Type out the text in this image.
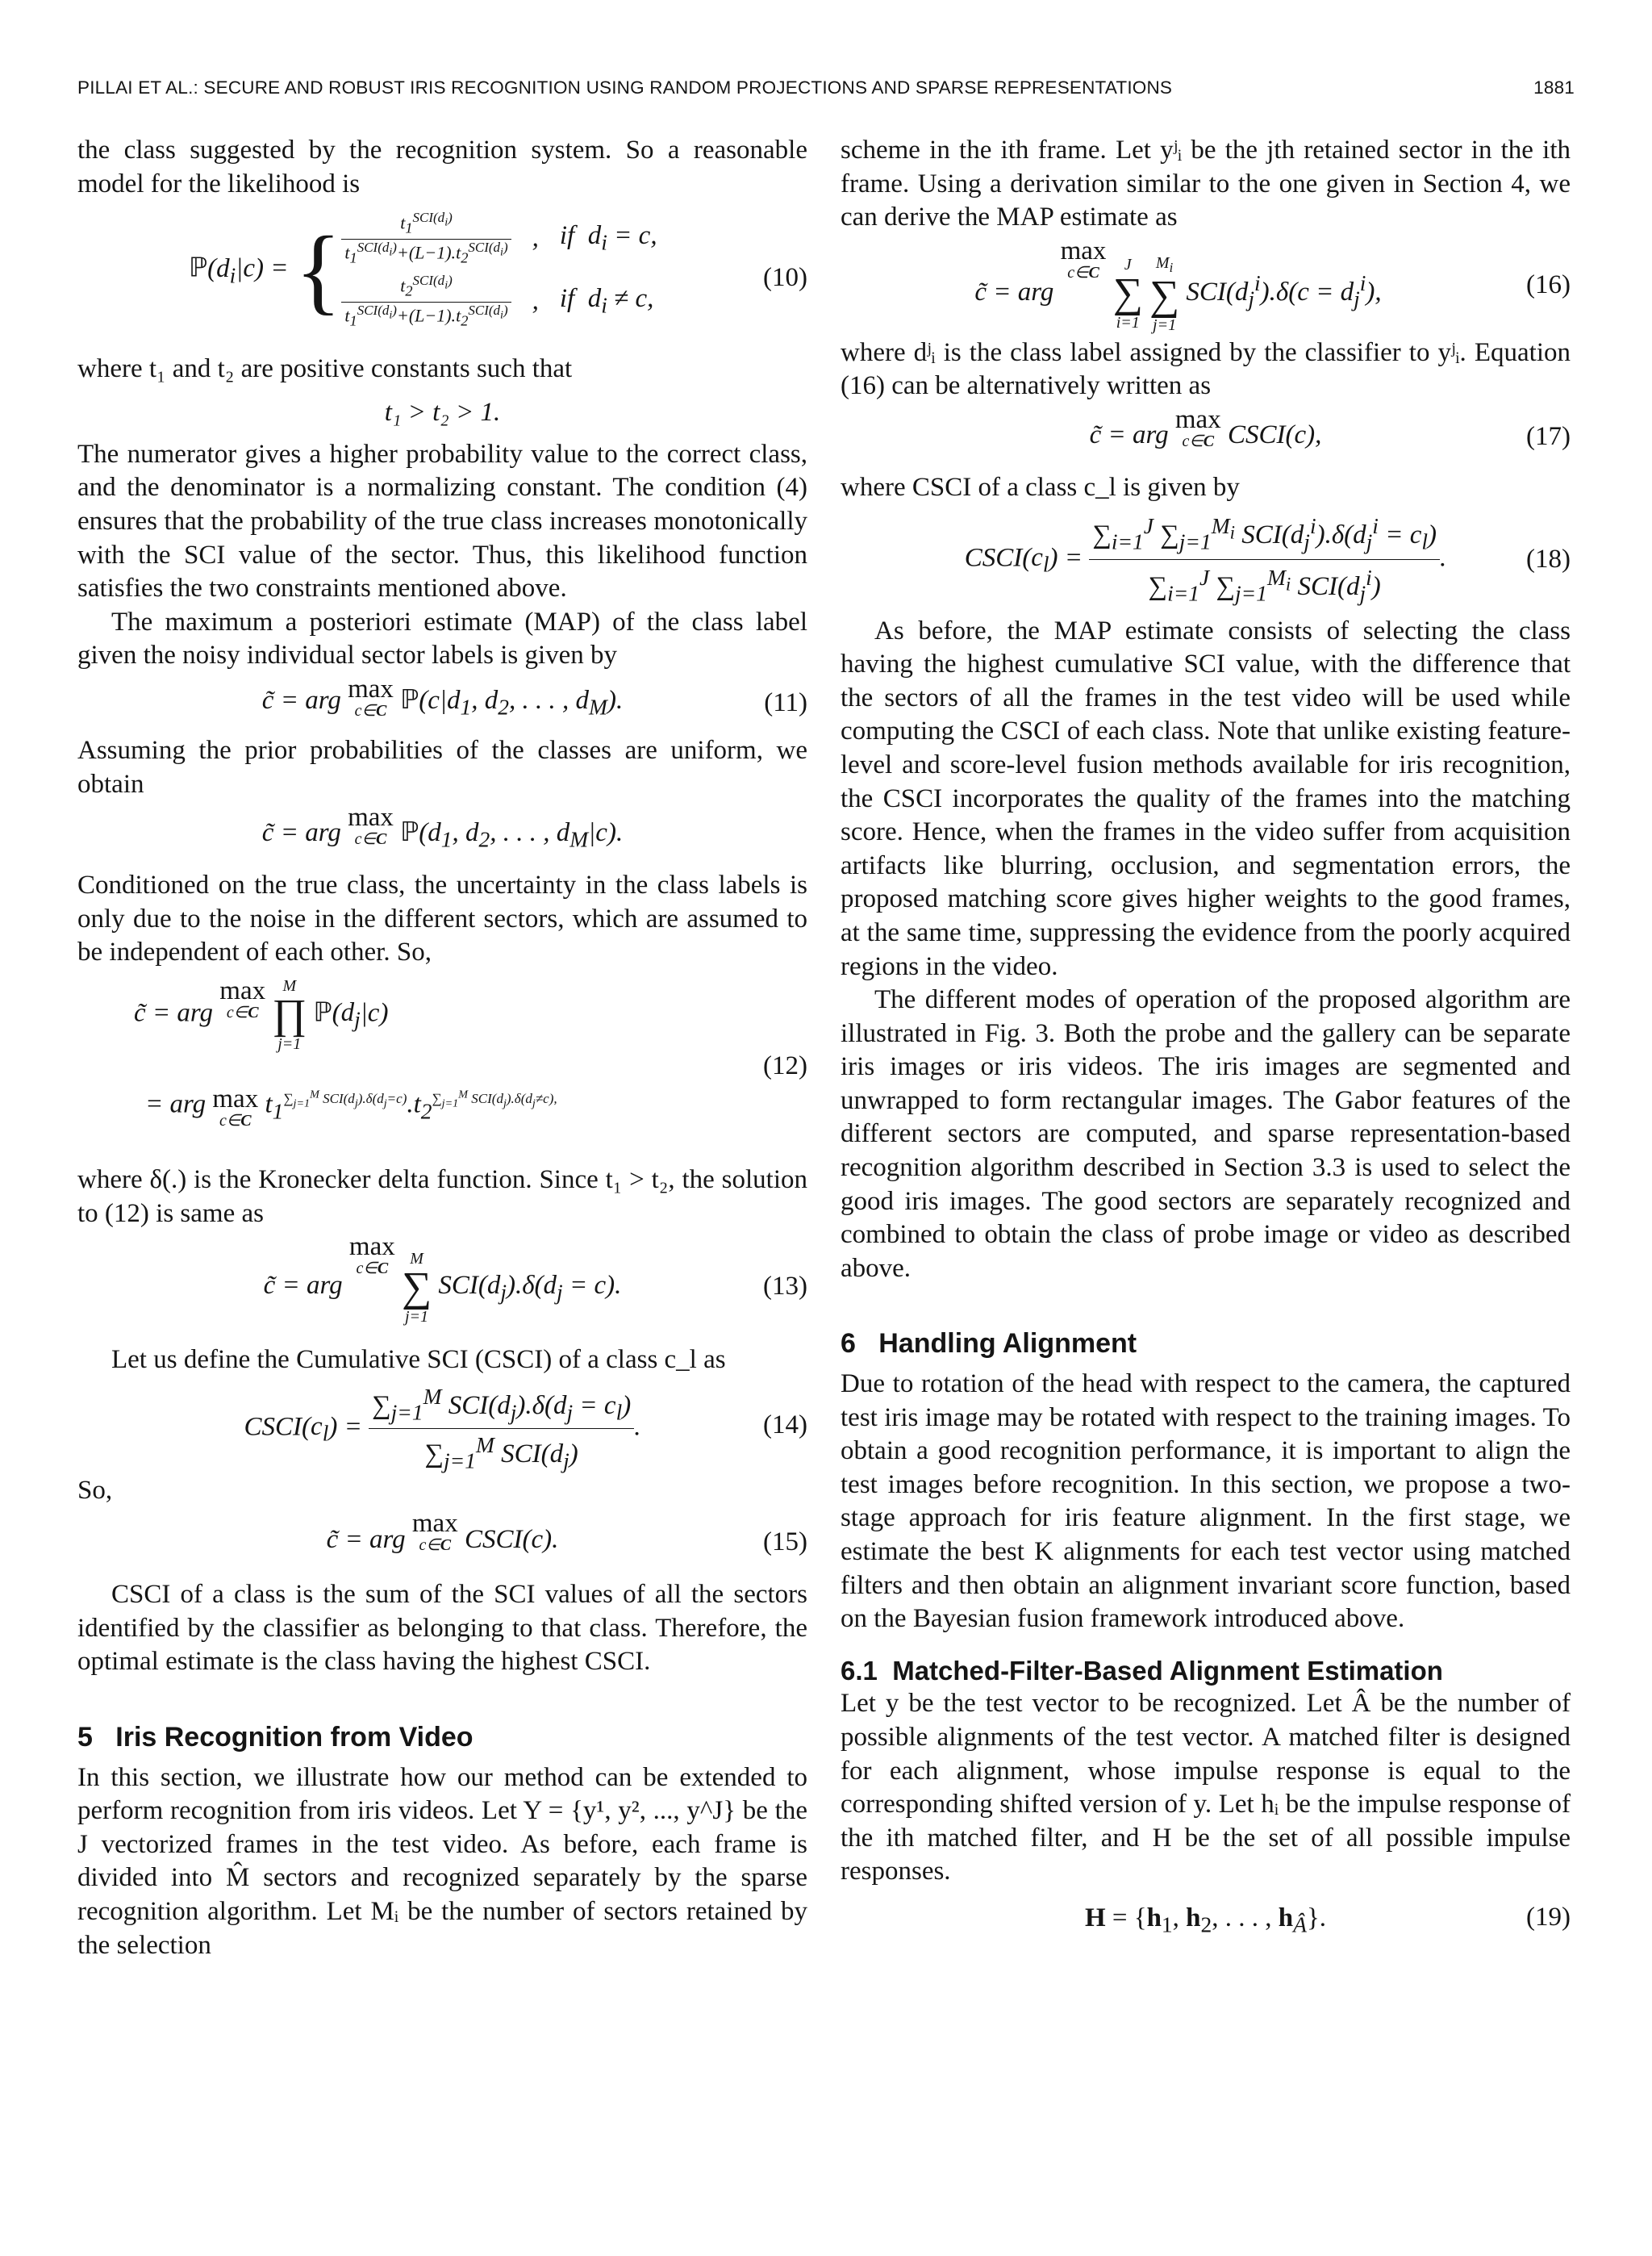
PILLAI ET AL.: SECURE AND ROBUST IRIS RECOGNITION USING RANDOM PROJECTIONS AND SPARSE REPRESENTATIONS	1881

the class suggested by the recognition system. So a reasonable model for the likelihood is

$ℙ(d_i|c)$ = { $\frac{t_1^{SCI(d_i)}}{t_1^{SCI(d_i)}+(L-1).t_2^{SCI(d_i)}}$ , if $d_i = c$,
$\frac{t_2^{SCI(d_i)}}{t_1^{SCI(d_i)}+(L-1).t_2^{SCI(d_i)}}$ , if $d_i \ne c$,
(10)

where t₁ and t₂ are positive constants such that

t₁ > t₂ > 1.

The numerator gives a higher probability value to the correct class, and the denominator is a normalizing constant. The condition (4) ensures that the probability of the true class increases monotonically with the SCI value of the sector. Thus, this likelihood function satisfies the two constraints mentioned above.

The maximum a posteriori estimate (MAP) of the class label given the noisy individual sector labels is given by

c̃ = arg max
c∈C $ℙ(c|d_1$, $d_2$, . . . , $d_M$).	(11)

Assuming the prior probabilities of the classes are uniform, we obtain

c̃ = arg max
c∈C $ℙ(d_1$, $d_2$, . . . , $d_M|c$).

Conditioned on the true class, the uncertainty in the class labels is only due to the noise in the different sectors, which are assumed to be independent of each other. So,

c̃ = arg max
c∈C

M
∏
j=1
$ℙ(d_j|c)$
= arg max
c∈C
$t_1^{\sum_{j=1}^M SCI(d_j).\delta(d_j=c)}.t_2^{\sum_{j=1}^M SCI(d_j).\delta(d_j\ne c),}$
(12)

where δ(.) is the Kronecker delta function. Since t₁ > t₂, the solution to (12) is same as

c̃ = arg max
c∈C

M
∑
j=1
$SCI(d_j).\delta(d_j = c)$.	(13)

Let us define the Cumulative SCI (CSCI) of a class c_l as

$CSCI(c_l) = \frac{\sum_{j=1}^M SCI(d_j).\delta(d_j = c_l)}{\sum_{j=1}^M SCI(d_j)}$ .	(14)

So,

c̃ = arg max
c∈C CSCI(c).	(15)

CSCI of a class is the sum of the SCI values of all the sectors identified by the classifier as belonging to that class. Therefore, the optimal estimate is the class having the highest CSCI.

5 Iris Recognition from Video

In this section, we illustrate how our method can be extended to perform recognition from iris videos. Let Y = {y¹, y², ..., y^J} be the J vectorized frames in the test video. As before, each frame is divided into M̂ sectors and recognized separately by the sparse recognition algorithm. Let Mᵢ be the number of sectors retained by the selection

scheme in the ith frame. Let yʲᵢ be the jth retained sector in the ith frame. Using a derivation similar to the one given in Section 4, we can derive the MAP estimate as

c̃ = arg max
c∈C
	J
∑
i=1

$M_i$
∑
j=1
$SCI(d_j^i).\delta(c = d_j^i)$,	(16)

where dʲᵢ is the class label assigned by the classifier to yʲᵢ. Equation (16) can be alternatively written as

c̃ = arg max
c∈C CSCI(c),	(17)

where CSCI of a class c_l is given by

$CSCI(c_l) = \frac{\sum_{i=1}^J \sum_{j=1}^{M_i} SCI(d_j^i).\delta(d_j^i = c_l)}{\sum_{i=1}^J \sum_{j=1}^{M_i} SCI(d_j^i)}$ .	(18)

As before, the MAP estimate consists of selecting the class having the highest cumulative SCI value, with the difference that the sectors of all the frames in the test video will be used while computing the CSCI of each class. Note that unlike existing feature-level and score-level fusion methods available for iris recognition, the CSCI incorporates the quality of the frames into the matching score. Hence, when the frames in the video suffer from acquisition artifacts like blurring, occlusion, and segmentation errors, the proposed matching score gives higher weights to the good frames, at the same time, suppressing the evidence from the poorly acquired regions in the video.

The different modes of operation of the proposed algorithm are illustrated in Fig. 3. Both the probe and the gallery can be separate iris images or iris videos. The iris images are segmented and unwrapped to form rectangular images. The Gabor features of the different sectors are computed, and sparse representation-based recognition algorithm described in Section 3.3 is used to select the good iris images. The good sectors are separately recognized and combined to obtain the class of probe image or video as described above.

6 Handling Alignment

Due to rotation of the head with respect to the camera, the captured test iris image may be rotated with respect to the training images. To obtain a good recognition performance, it is important to align the test images before recognition. In this section, we propose a two-stage approach for iris feature alignment. In the first stage, we estimate the best K alignments for each test vector using matched filters and then obtain an alignment invariant score function, based on the Bayesian fusion framework introduced above.

6.1 Matched-Filter-Based Alignment Estimation

Let y be the test vector to be recognized. Let Â be the number of possible alignments of the test vector. A matched filter is designed for each alignment, whose impulse response is equal to the corresponding shifted version of y. Let hᵢ be the impulse response of the ith matched filter, and H be the set of all possible impulse responses.

$H = \{h_1$, $h_2$, . . . , $h_Â$}.	(19)
